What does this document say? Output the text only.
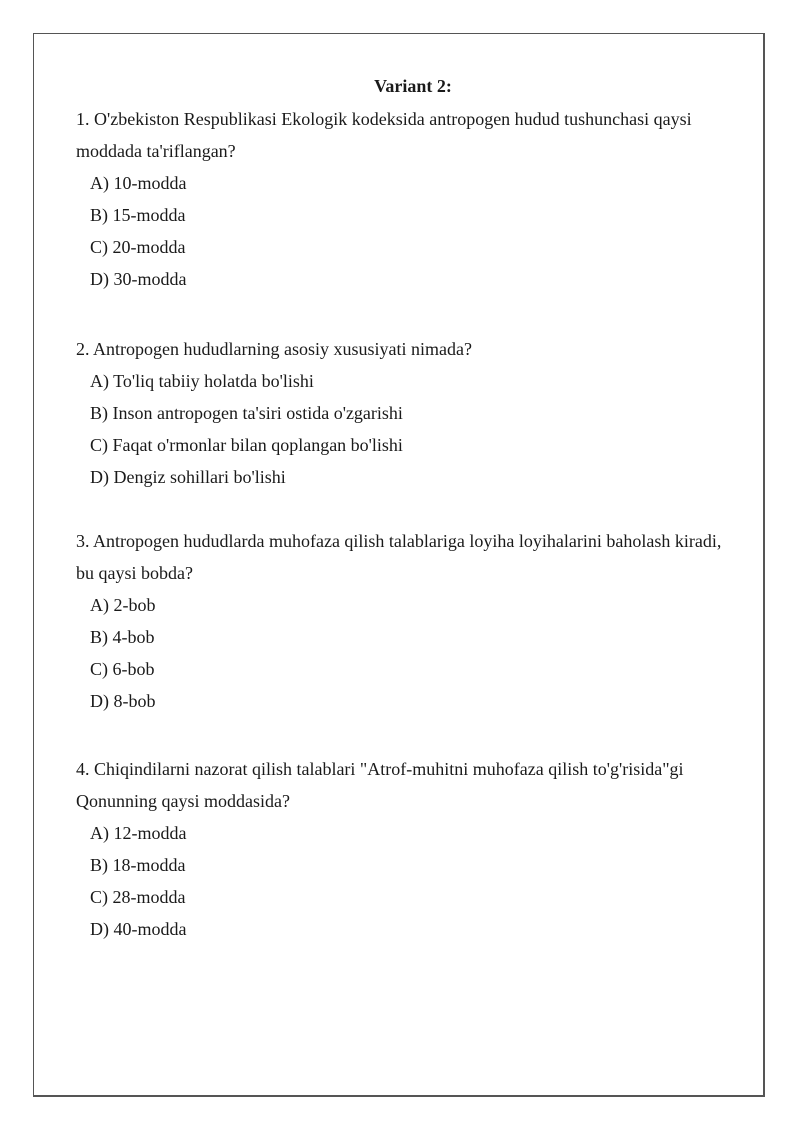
Variant 2:

1. O'zbekiston Respublikasi Ekologik kodeksida antropogen hudud tushunchasi qaysi moddada ta'riflangan?

A) 10-modda
B) 15-modda
C) 20-modda
D) 30-modda

2. Antropogen hududlarning asosiy xususiyati nimada?

A) To'liq tabiiy holatda bo'lishi
B) Inson antropogen ta'siri ostida o'zgarishi
C) Faqat o'rmonlar bilan qoplangan bo'lishi
D) Dengiz sohillari bo'lishi

3. Antropogen hududlarda muhofaza qilish talablariga loyiha loyihalarini baholash kiradi, bu qaysi bobda?

A) 2-bob
B) 4-bob
C) 6-bob
D) 8-bob

4. Chiqindilarni nazorat qilish talablari "Atrof-muhitni muhofaza qilish to'g'risida"gi Qonunning qaysi moddasida?

A) 12-modda
B) 18-modda
C) 28-modda
D) 40-modda
